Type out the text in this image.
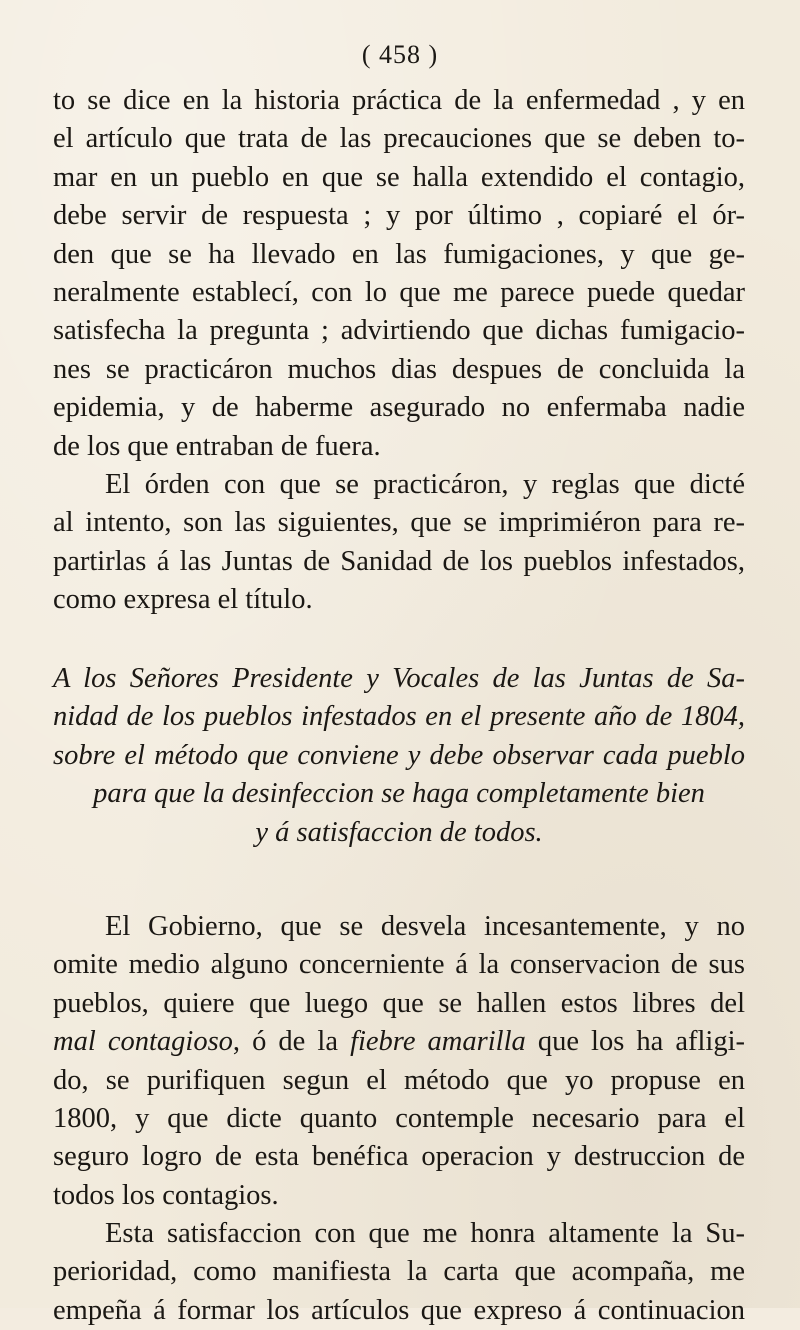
( 458 )
to se dice en la historia práctica de la enfermedad , y en
el artículo que trata de las precauciones que se deben to-
mar en un pueblo en que se halla extendido el contagio,
debe servir de respuesta ; y por último , copiaré el ór-
den que se ha llevado en las fumigaciones, y que ge-
neralmente establecí, con lo que me parece puede quedar
satisfecha la pregunta ; advirtiendo que dichas fumigacio-
nes se practicáron muchos dias despues de concluida la
epidemia, y de haberme asegurado no enfermaba nadie
de los que entraban de fuera.
El órden con que se practicáron, y reglas que dicté
al intento, son las siguientes, que se imprimiéron para re-
partirlas á las Juntas de Sanidad de los pueblos infestados,
como expresa el título.
A los Señores Presidente y Vocales de las Juntas de Sa-
nidad de los pueblos infestados en el presente año de 1804,
sobre el método que conviene y debe observar cada pueblo
para que la desinfeccion se haga completamente bien
y á satisfaccion de todos.
El Gobierno, que se desvela incesantemente, y no
omite medio alguno concerniente á la conservacion de sus
pueblos, quiere que luego que se hallen estos libres del
mal contagioso, ó de la fiebre amarilla que los ha afligi-
do, se purifiquen segun el método que yo propuse en
1800, y que dicte quanto contemple necesario para el
seguro logro de esta benéfica operacion y destruccion de
todos los contagios.
Esta satisfaccion con que me honra altamente la Su-
perioridad, como manifiesta la carta que acompaña, me
empeña á formar los artículos que expreso á continuacion
